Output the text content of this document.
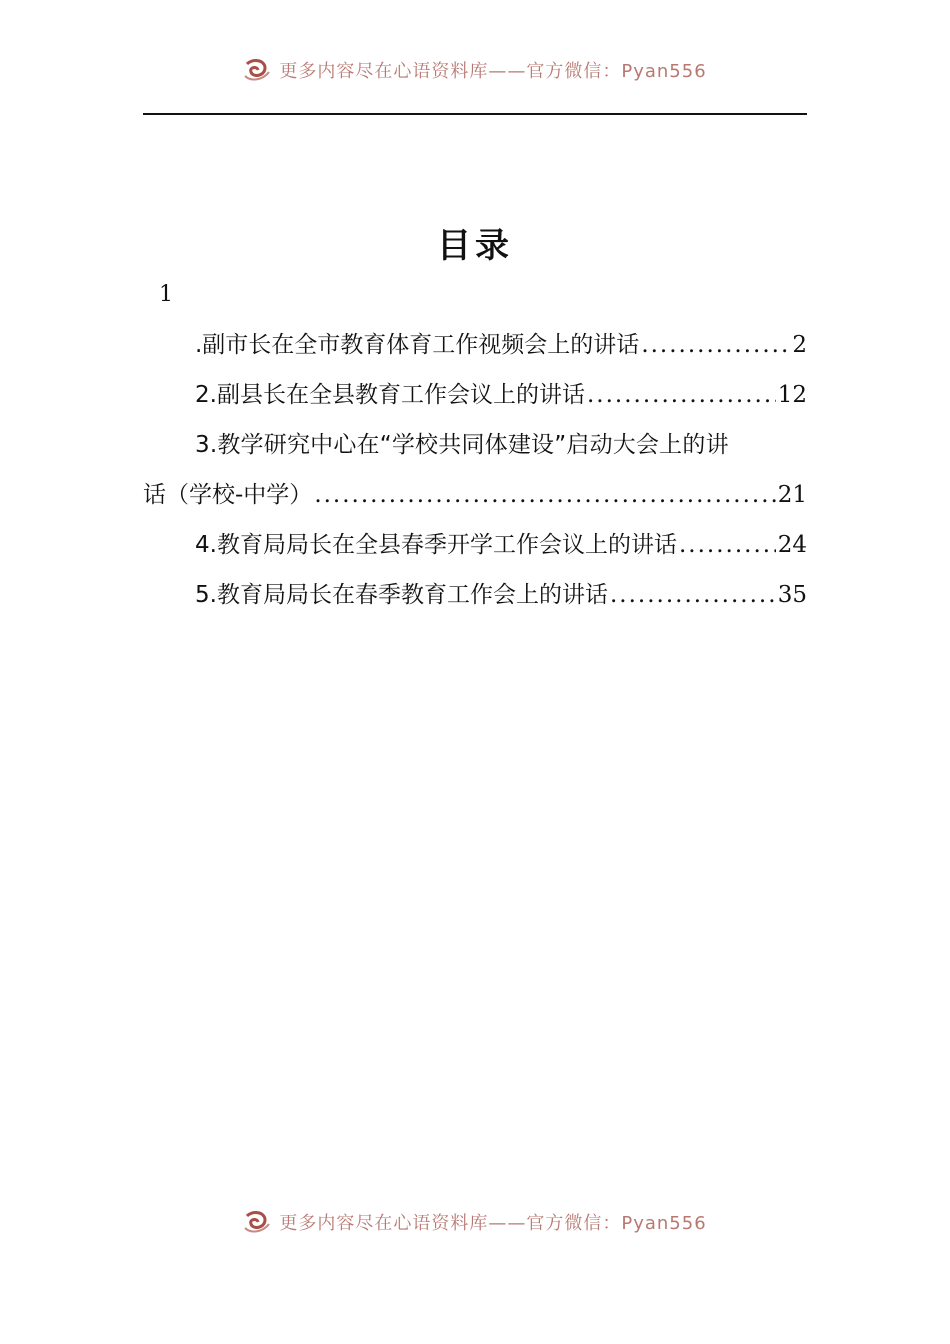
更多内容尽在心语资料库——官方微信：Pyan556
目录
1
.副市长在全市教育体育工作视频会上的讲话 .....	2
2.副县长在全县教育工作会议上的讲话 .....	12
3.教学研究中心在“学校共同体建设”启动大会上的讲
话（学校-中学） .....	21
4.教育局局长在全县春季开学工作会议上的讲话 .....	24
5.教育局局长在春季教育工作会上的讲话 .....	35
更多内容尽在心语资料库——官方微信：Pyan556
